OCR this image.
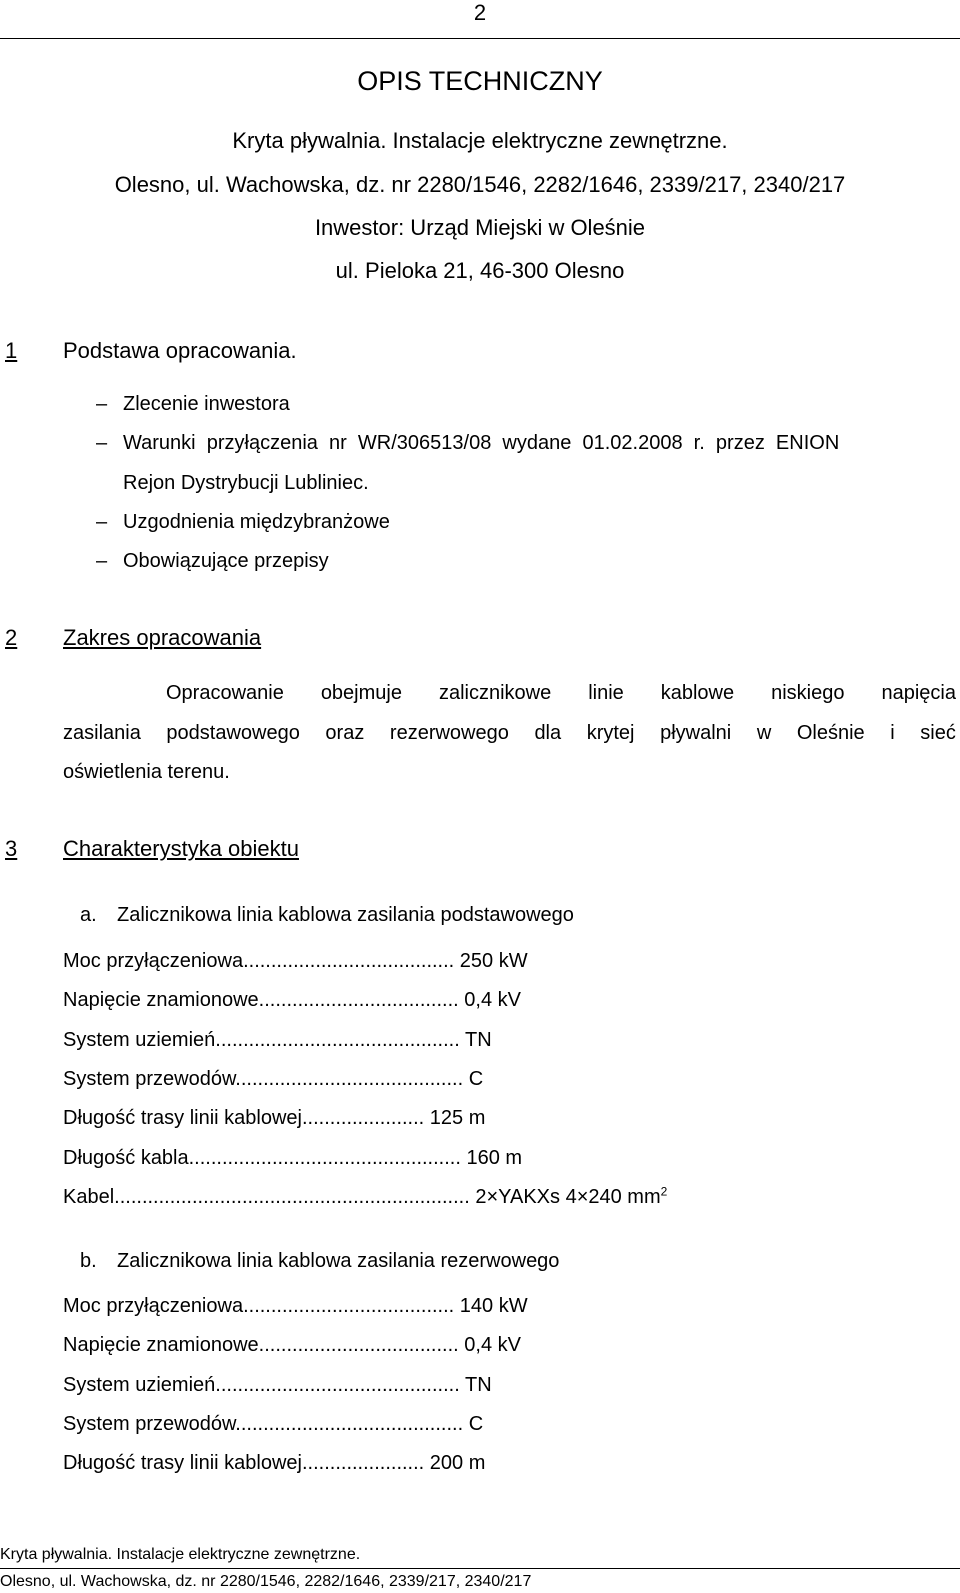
2
OPIS TECHNICZNY
Kryta pływalnia. Instalacje elektryczne zewnętrzne.
Olesno, ul. Wachowska, dz. nr 2280/1546, 2282/1646, 2339/217, 2340/217
Inwestor: Urząd Miejski w Oleśnie
ul. Pieloka 21, 46-300 Olesno
1 Podstawa opracowania.
– Zlecenie inwestora
– Warunki  przyłączenia  nr  WR/306513/08  wydane  01.02.2008  r.  przez  ENION
Rejon Dystrybucji Lubliniec.
– Uzgodnienia międzybranżowe
– Obowiązujące przepisy
2 Zakres opracowania
Opracowanie obejmuje zalicznikowe linie kablowe niskiego napięcia
zasilania podstawowego oraz rezerwowego dla krytej pływalni w Oleśnie i sieć
oświetlenia terenu.
3 Charakterystyka obiektu
a. Zalicznikowa linia kablowa zasilania podstawowego
Moc przyłączeniowa...................................... 250 kW
Napięcie znamionowe.................................... 0,4 kV
System uziemień............................................ TN
System przewodów......................................... C
Długość trasy linii kablowej...................... 125 m
Długość kabla................................................. 160 m
Kabel................................................................ 2×YAKXs 4×240 $mm^2$
b. Zalicznikowa linia kablowa zasilania rezerwowego
Moc przyłączeniowa...................................... 140 kW
Napięcie znamionowe.................................... 0,4 kV
System uziemień............................................ TN
System przewodów......................................... C
Długość trasy linii kablowej...................... 200 m
Kryta pływalnia. Instalacje elektryczne zewnętrzne.
Olesno, ul. Wachowska, dz. nr 2280/1546, 2282/1646, 2339/217, 2340/217
